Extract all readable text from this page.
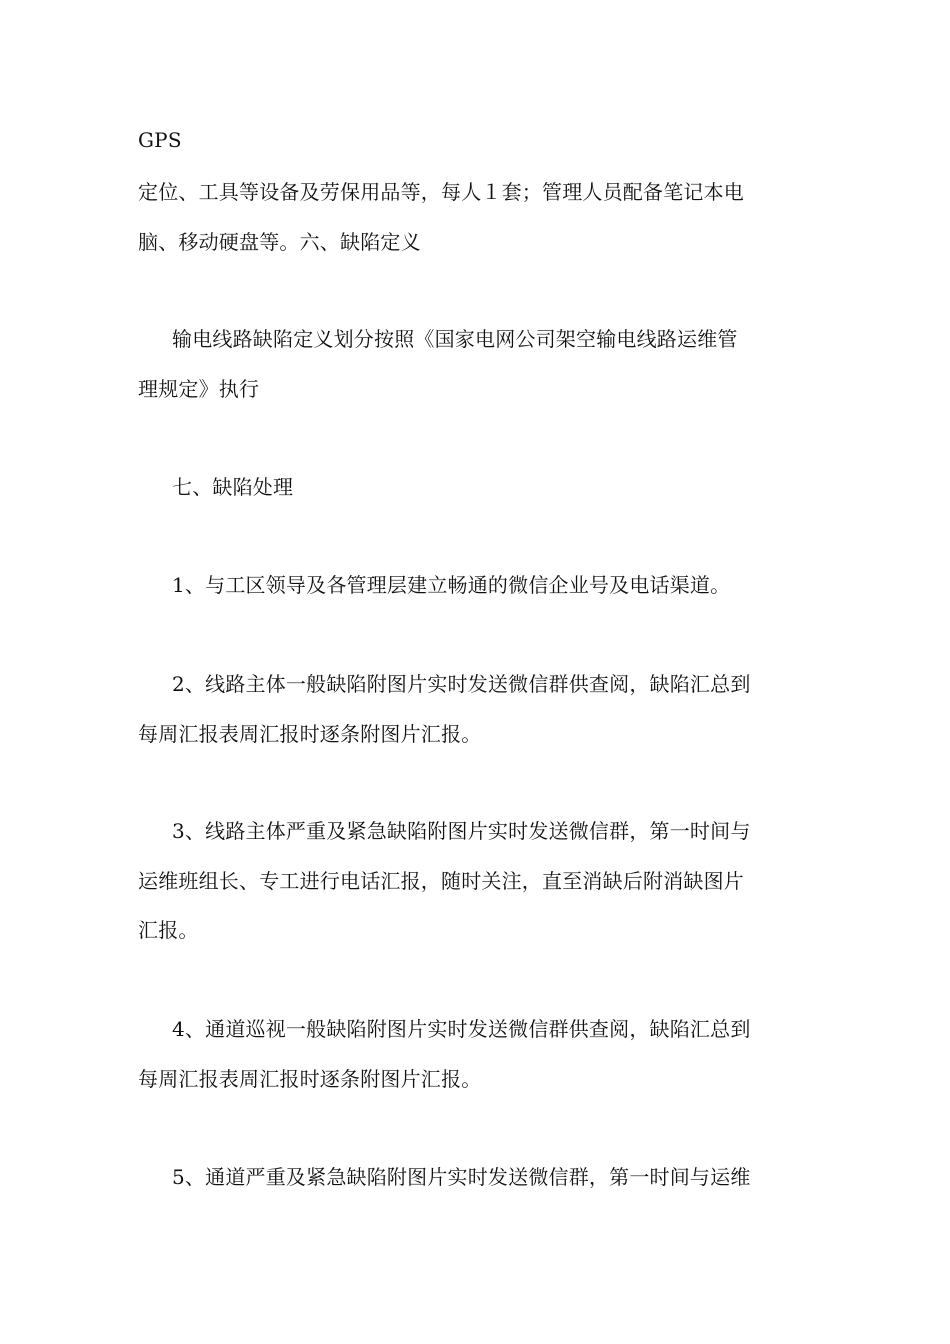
GPS
定位、工具等设备及劳保用品等，每人１套；管理人员配备笔记本电
脑、移动硬盘等。六、缺陷定义
输电线路缺陷定义划分按照《国家电网公司架空输电线路运维管
理规定》执行
七、缺陷处理
1、与工区领导及各管理层建立畅通的微信企业号及电话渠道。
2、线路主体一般缺陷附图片实时发送微信群供查阅，缺陷汇总到
每周汇报表周汇报时逐条附图片汇报。
3、线路主体严重及紧急缺陷附图片实时发送微信群，第一时间与
运维班组长、专工进行电话汇报，随时关注，直至消缺后附消缺图片
汇报。
4、通道巡视一般缺陷附图片实时发送微信群供查阅，缺陷汇总到
每周汇报表周汇报时逐条附图片汇报。
5、通道严重及紧急缺陷附图片实时发送微信群，第一时间与运维
